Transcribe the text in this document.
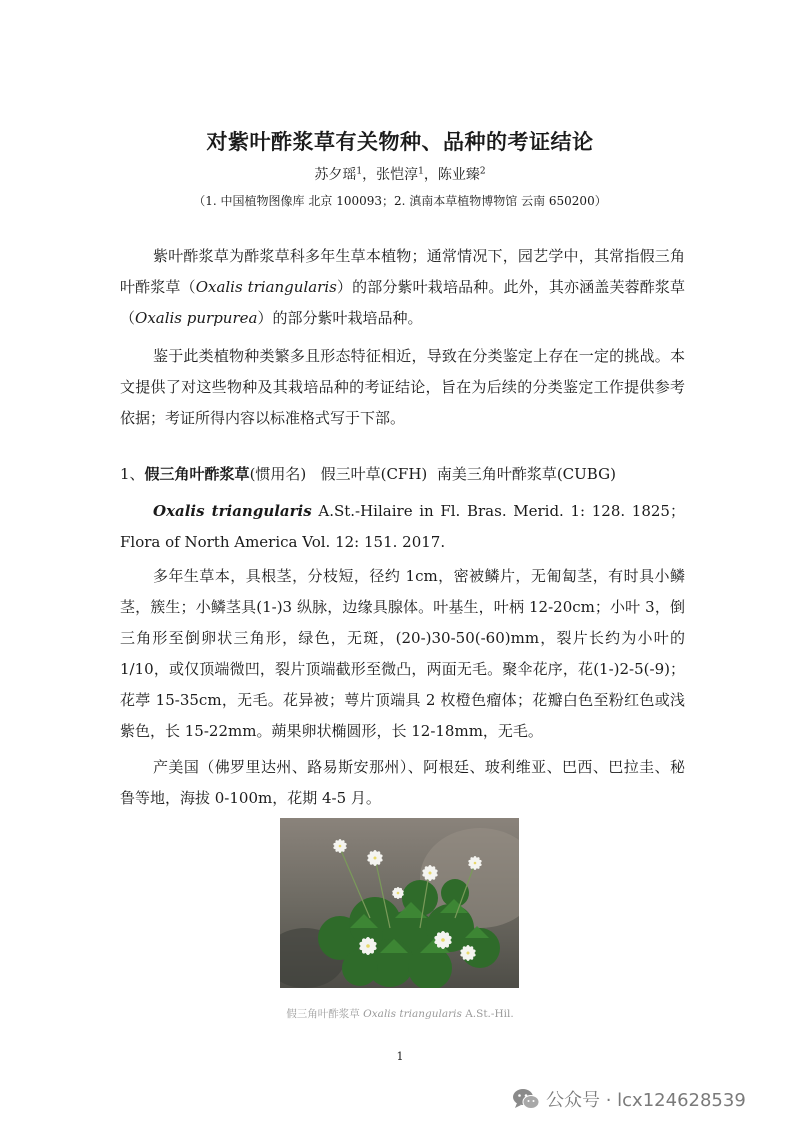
对紫叶酢浆草有关物种、品种的考证结论
苏夕瑶$^1$，张恺淳$^1$，陈业臻$^2$
（1. 中国植物图像库 北京 100093；2. 滇南本草植物博物馆 云南 650200）

紫叶酢浆草为酢浆草科多年生草本植物；通常情况下，园艺学中，其常指假三角叶酢浆草（Oxalis triangularis）的部分紫叶栽培品种。此外，其亦涵盖芙蓉酢浆草（Oxalis purpurea）的部分紫叶栽培品种。

鉴于此类植物种类繁多且形态特征相近，导致在分类鉴定上存在一定的挑战。本文提供了对这些物种及其栽培品种的考证结论，旨在为后续的分类鉴定工作提供参考依据；考证所得内容以标准格式写于下部。

1、假三角叶酢浆草(惯用名) 假三叶草(CFH) 南美三角叶酢浆草(CUBG)

Oxalis triangularis A.St.-Hilaire in Fl. Bras. Merid. 1: 128. 1825；Flora of North America Vol. 12: 151. 2017.

多年生草本，具根茎，分枝短，径约 1cm，密被鳞片，无匍匐茎，有时具小鳞茎，簇生；小鳞茎具(1-)3 纵脉，边缘具腺体。叶基生，叶柄 12-20cm；小叶 3，倒三角形至倒卵状三角形，绿色，无斑，(20-)30-50(-60)mm，裂片长约为小叶的 1/10，或仅顶端微凹，裂片顶端截形至微凸，两面无毛。聚伞花序，花(1-)2-5(-9)；花葶 15-35cm，无毛。花异被；萼片顶端具 2 枚橙色瘤体；花瓣白色至粉红色或浅紫色，长 15-22mm。蒴果卵状椭圆形，长 12-18mm，无毛。

产美国（佛罗里达州、路易斯安那州）、阿根廷、玻利维亚、巴西、巴拉圭、秘鲁等地，海拔 0-100m，花期 4-5 月。

假三角叶酢浆草 Oxalis triangularis A.St.-Hil.
1
公众号 · lcx124628539
